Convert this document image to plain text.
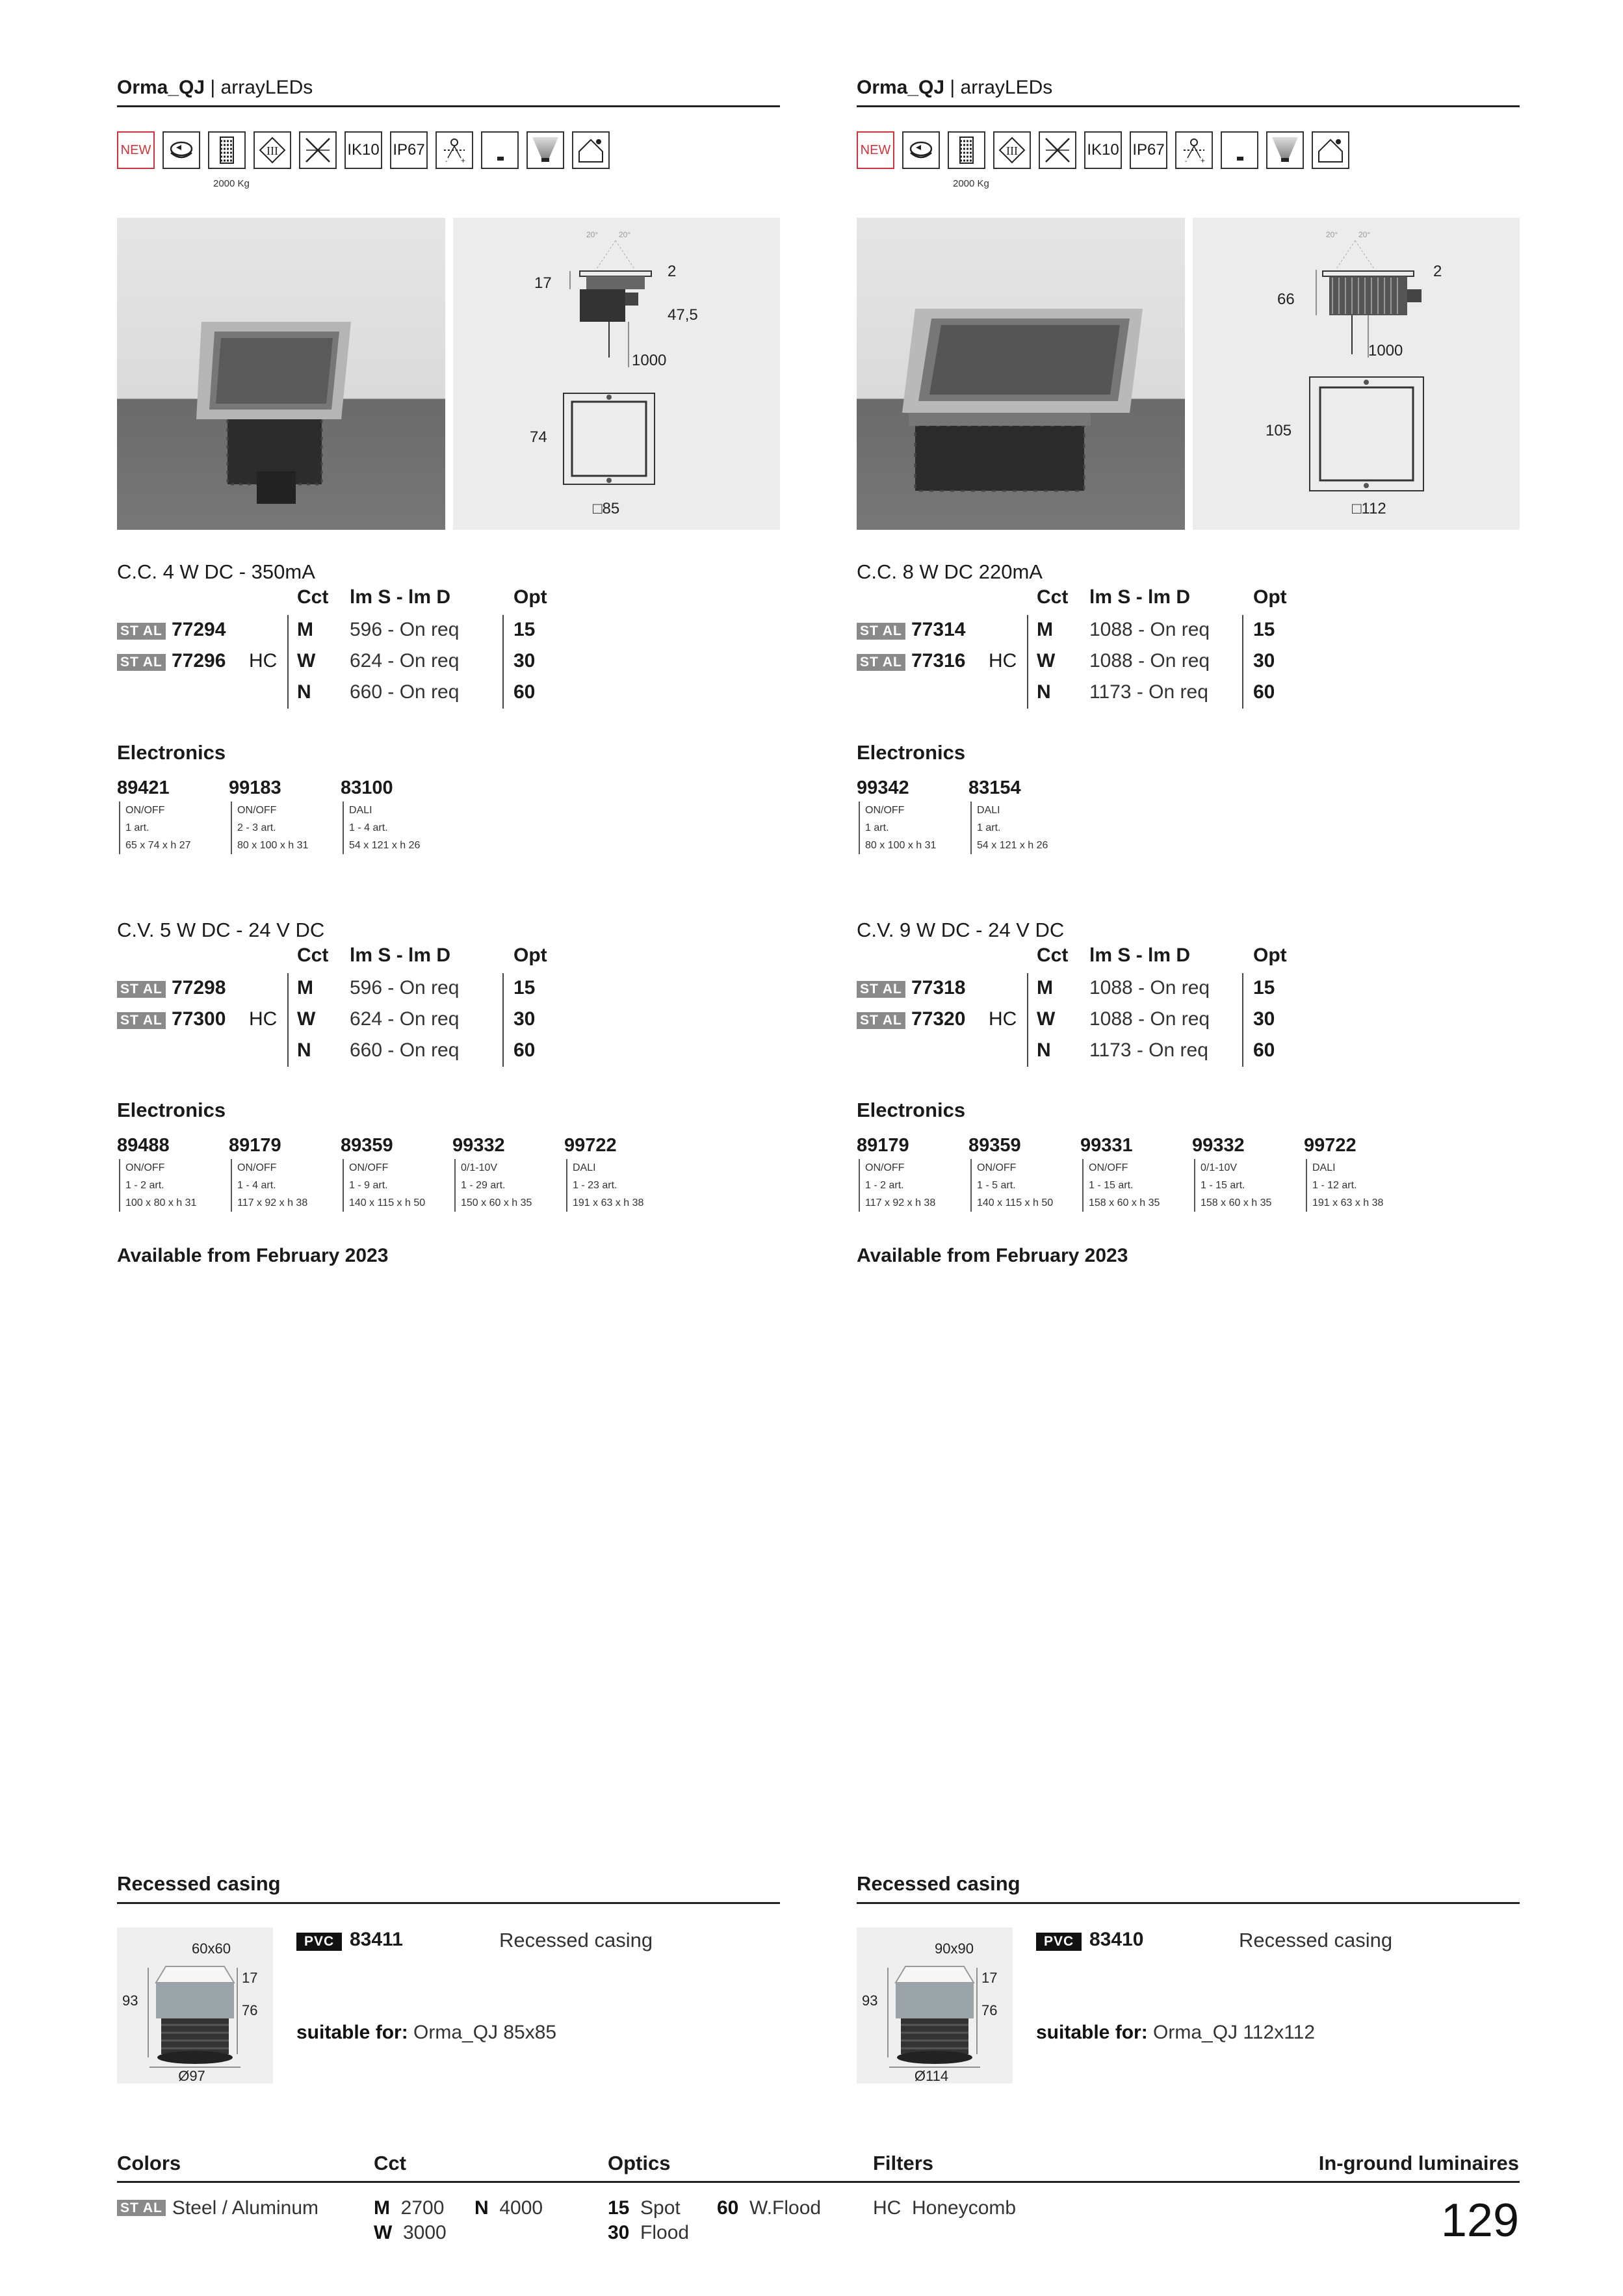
Orma_QJ | arrayLEDs
NEW	III	IK10 IP67
- +
2000 Kg
20°	20°
17
2
47,5
1000
74
□85
C.C. 4 W DC - 350mA
Cct lm S - lm D	Opt
ST AL 77294	M 596 - On req	15
ST AL 77296 HC W 624 - On req	30
N 660 - On req	60
Electronics
89421
ON/OFF
1 art.
65 x 74 x h 27
99183
ON/OFF
2 - 3 art.
80 x 100 x h 31
83100
DALI
1 - 4 art.
54 x 121 x h 26
C.V. 5 W DC - 24 V DC
Cct lm S - lm D	Opt
ST AL 77298	M 596 - On req	15
ST AL 77300 HC W 624 - On req	30
N 660 - On req	60
Electronics
89488
ON/OFF
1 - 2 art.
100 x 80 x h 31
89179
ON/OFF
1 - 4 art.
117 x 92 x h 38
89359
ON/OFF
1 - 9 art.
140 x 115 x h 50
99332
0/1-10V
1 - 29 art.
150 x 60 x h 35
99722
DALI
1 - 23 art.
191 x 63 x h 38
Available from February 2023
Recessed casing
60x60
17
76
93
Ø97
PVC 83411	Recessed casing
suitable for: Orma_QJ 85x85
Orma_QJ | arrayLEDs
NEW	III	IK10 IP67
- +
2000 Kg
20°	20°
66
2
1000
105
□112
C.C. 8 W DC 220mA
Cct lm S - lm D	Opt
ST AL 77314	M 1088 - On req 15
ST AL 77316 HC W 1088 - On req 30
N 1173 - On req 60
Electronics
99342
ON/OFF
1 art.
80 x 100 x h 31
83154
DALI
1 art.
54 x 121 x h 26
C.V. 9 W DC - 24 V DC
Cct lm S - lm D	Opt
ST AL 77318	M 1088 - On req 15
ST AL 77320 HC W 1088 - On req 30
N 1173 - On req 60
Electronics
89179
ON/OFF
1 - 2 art.
117 x 92 x h 38
89359
ON/OFF
1 - 5 art.
140 x 115 x h 50
99331
ON/OFF
1 - 15 art.
158 x 60 x h 35
99332
0/1-10V
1 - 15 art.
158 x 60 x h 35
99722
DALI
1 - 12 art.
191 x 63 x h 38
Available from February 2023
Recessed casing
90x90
17
76
93
Ø114
PVC 83410	Recessed casing
suitable for: Orma_QJ 112x112
Colors	Cct	Optics	Filters	In-ground luminaires
ST AL Steel / Aluminum	M 2700 N 4000
W 3000
15 Spot 60 W.Flood
30 Flood
HC Honeycomb	129
